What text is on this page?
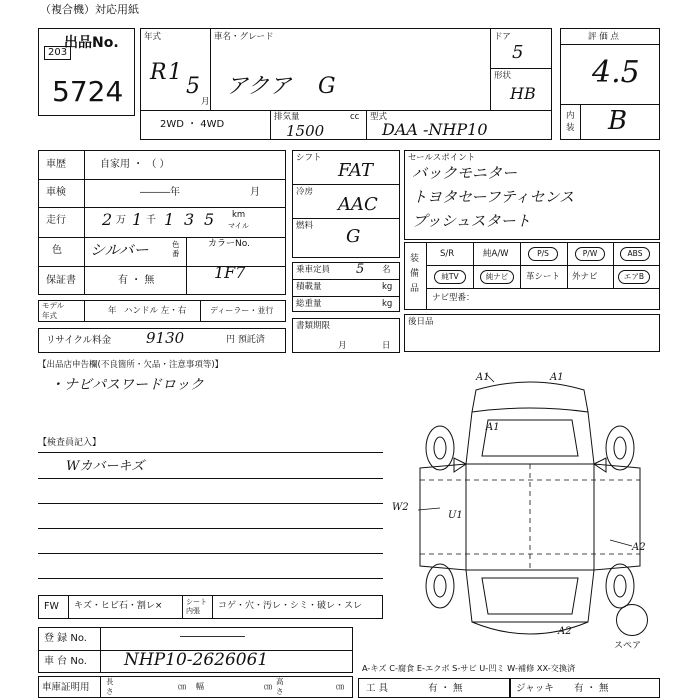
（複合機）対応用紙
出品No.
203
5724
年式
R 1
5
月
車名・グレード
アクア G
ドア
5
形状
HB
2WD ・ 4WD
排気量	cc
1500
型式
DAA -NHP10
評 価 点
4.5
内装 B
車歴	自家用 ・ （ ）
車検	―――年	月
走行 2 万 1 千 1 3 5 km
マイル
色 シルバー	色番
カラーNo.
1F7
保証書	有 ・ 無
モデル
年式	年 ハンドル 左・右	ディーラー・並行
リサイクル料金 9130	円 預託済
シフト
FAT
冷房
AAC
燃料 G
乗車定員 5 名
積載量	kg
総重量	kg
書類期限
月	日
セールスポイント
バックモニター
トヨタセーフティセンス
プッシュスタート
装備品
S/R	純A/W	P/S	P/W	ABS
純TV	純ナビ	革シート 外ナビ	エアB
ナビ型番：
後日品
【出品店申告欄(不良箇所・欠品・注意事項等)】
・ナビパスワードロック
【検査員記入】
Wカバーキズ
FW キズ・ヒビ石・割レ×	シート内張	コゲ・穴・汚レ・シミ・破レ・スレ
登 録 No.	―――――
車 台 No. NHP10-2626061
車庫証明用
長
さ
㎝ 幅	㎝
高
さ
㎝
A-キズ C-腐食 E-エクボ S-サビ U-凹ミ W-補修 XX-交換済
工 具	有 ・ 無	ジャッキ 有 ・ 無
スペア
A1	A1
A1
W2
U1
A2
A2
